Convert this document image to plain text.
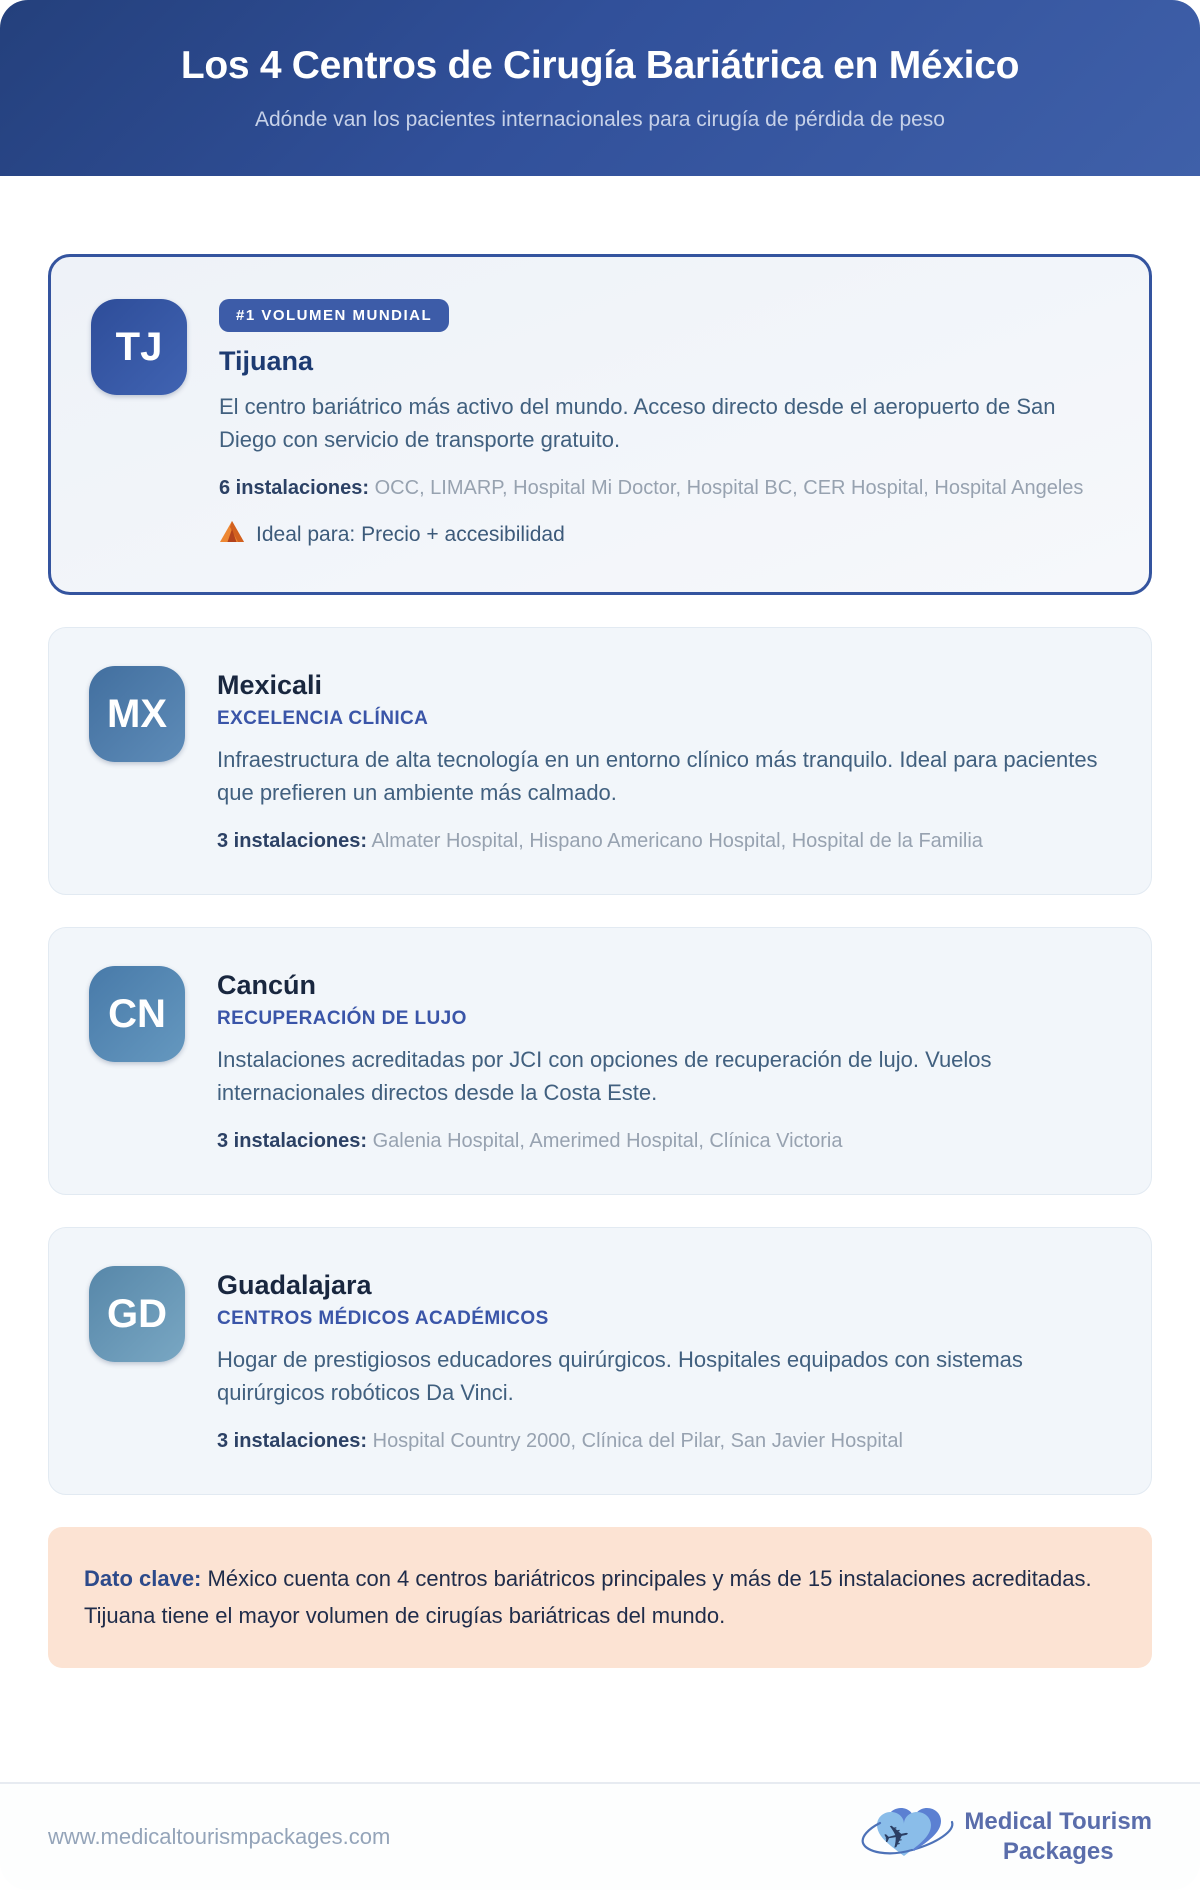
Los 4 Centros de Cirugía Bariátrica en México
Adónde van los pacientes internacionales para cirugía de pérdida de peso
TJ
#1 VOLUMEN MUNDIAL
Tijuana
El centro bariátrico más activo del mundo. Acceso directo desde el aeropuerto de San Diego con servicio de transporte gratuito.
6 instalaciones: OCC, LIMARP, Hospital Mi Doctor, Hospital BC, CER Hospital, Hospital Angeles
Ideal para: Precio + accesibilidad
MX
Mexicali
EXCELENCIA CLÍNICA
Infraestructura de alta tecnología en un entorno clínico más tranquilo. Ideal para pacientes que prefieren un ambiente más calmado.
3 instalaciones: Almater Hospital, Hispano Americano Hospital, Hospital de la Familia
CN
Cancún
RECUPERACIÓN DE LUJO
Instalaciones acreditadas por JCI con opciones de recuperación de lujo. Vuelos internacionales directos desde la Costa Este.
3 instalaciones: Galenia Hospital, Amerimed Hospital, Clínica Victoria
GD
Guadalajara
CENTROS MÉDICOS ACADÉMICOS
Hogar de prestigiosos educadores quirúrgicos. Hospitales equipados con sistemas quirúrgicos robóticos Da Vinci.
3 instalaciones: Hospital Country 2000, Clínica del Pilar, San Javier Hospital
Dato clave: México cuenta con 4 centros bariátricos principales y más de 15 instalaciones acreditadas. Tijuana tiene el mayor volumen de cirugías bariátricas del mundo.
www.medicaltourismpackages.com	✈ Medical Tourism
Packages
